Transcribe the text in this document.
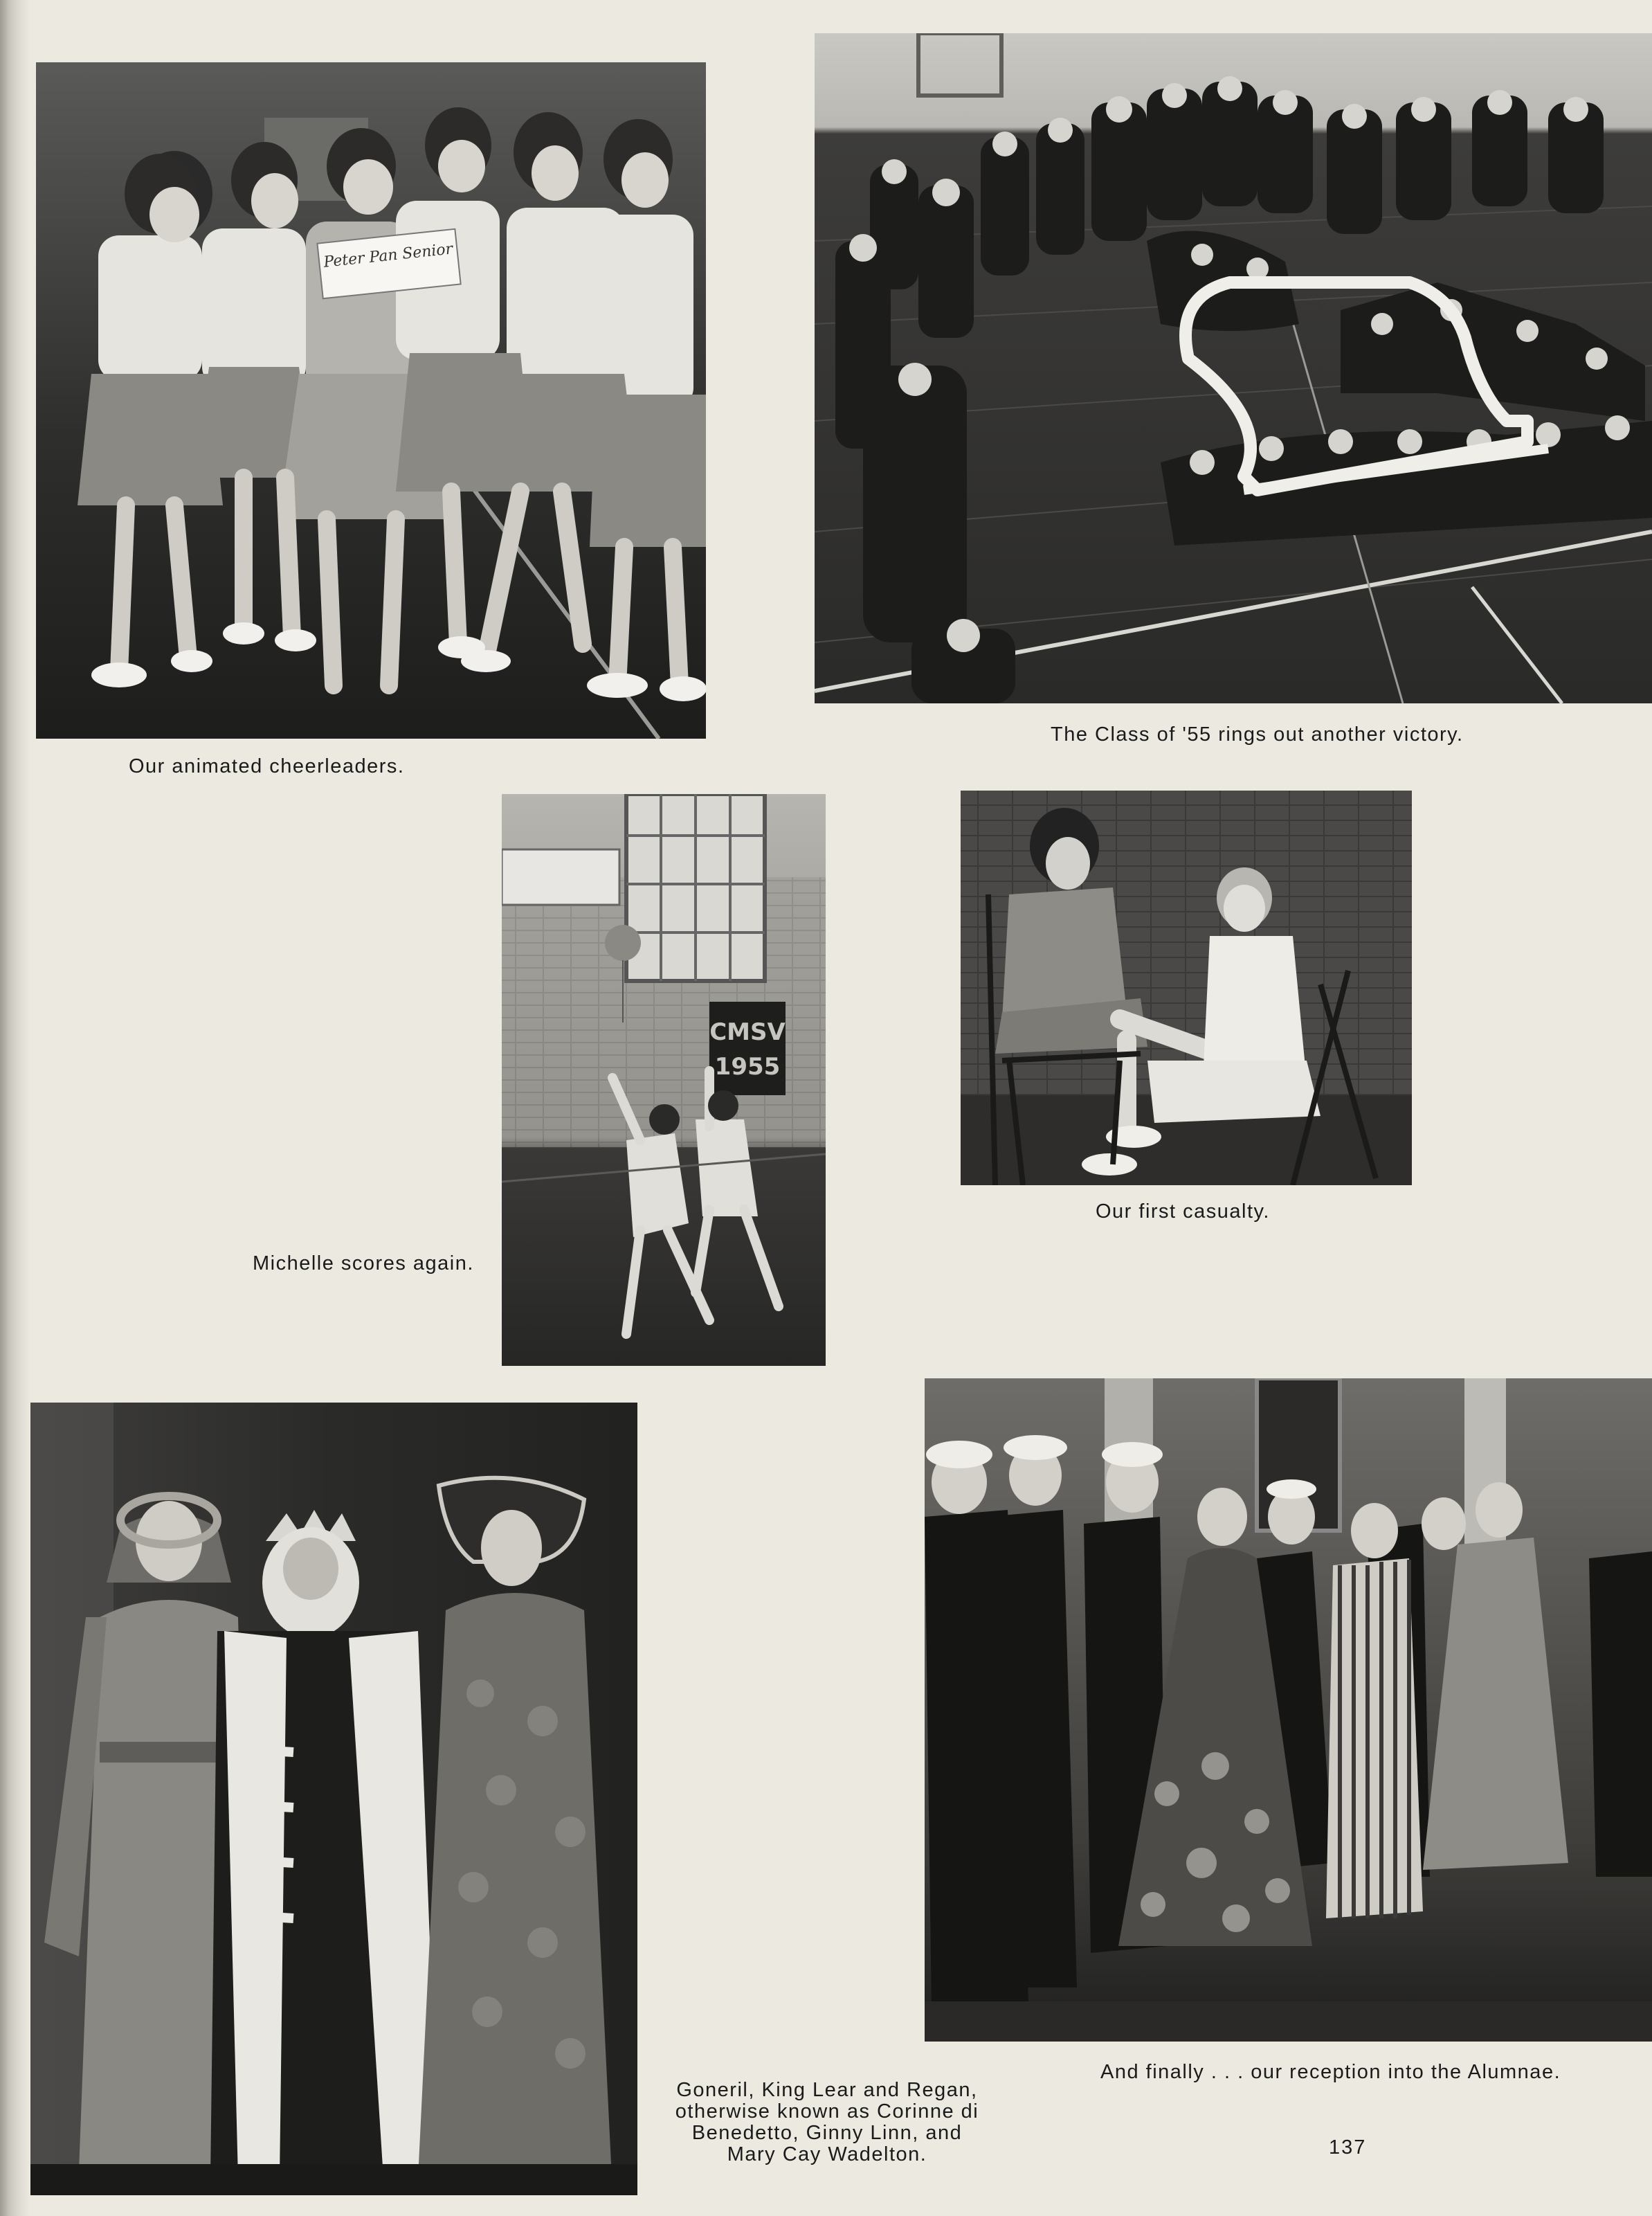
Peter Pan Senior
Our animated cheerleaders.
The Class of '55 rings out another victory.
CMSV
1955
Michelle scores again.
Our first casualty.
Goneril, King Lear and Regan,
otherwise known as Corinne di
Benedetto, Ginny Linn, and
Mary Cay Wadelton.
And finally . . . our reception into the Alumnae.
137
